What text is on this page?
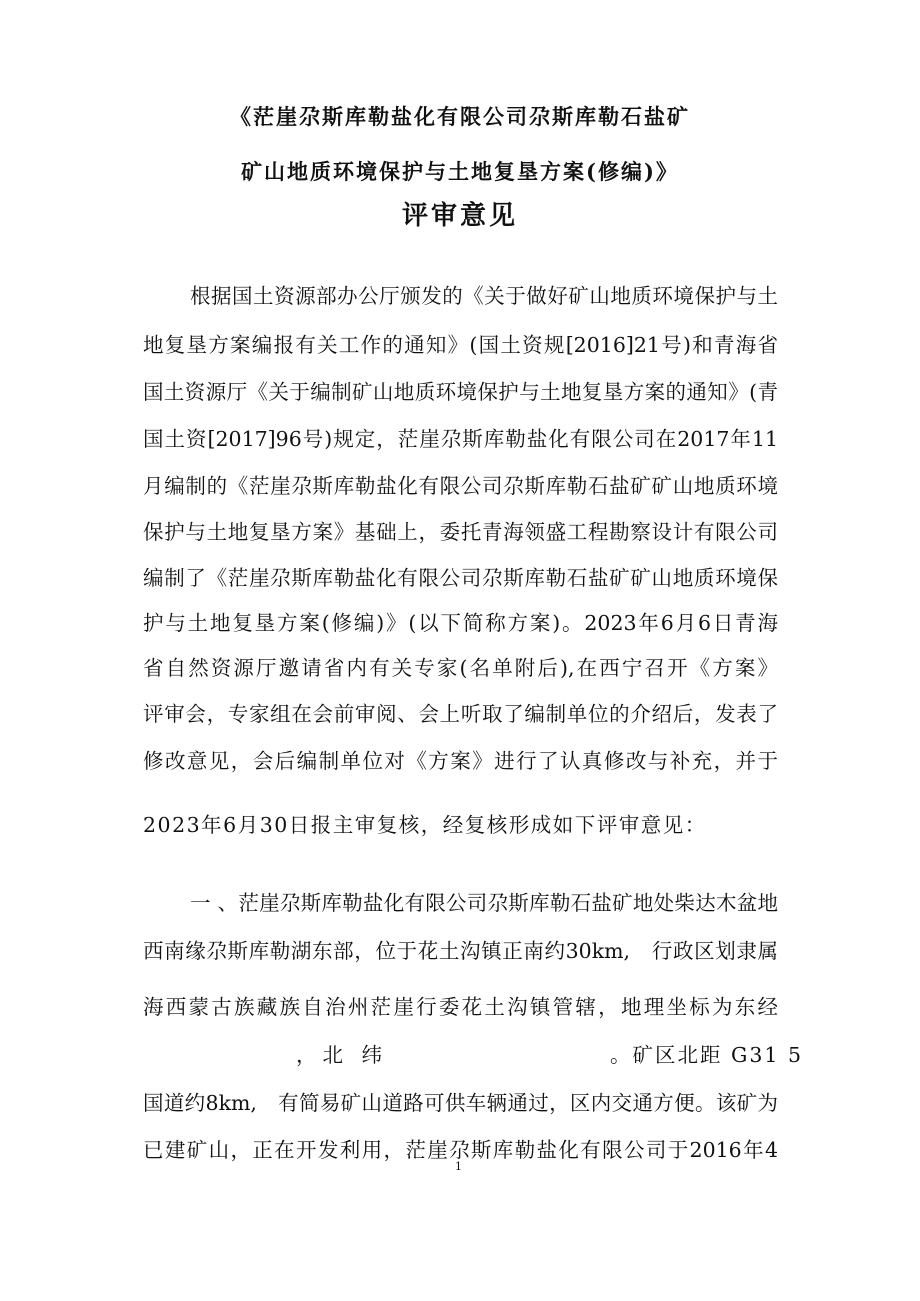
《茫崖尕斯库勒盐化有限公司尕斯库勒石盐矿
矿山地质环境保护与土地复垦方案(修编)》
评审意见
根据国土资源部办公厅颁发的《关于做好矿山地质环境保护与土
地复垦方案编报有关工作的通知》(国土资规[2016]21号)和青海省
国土资源厅《关于编制矿山地质环境保护与土地复垦方案的通知》(青
国土资[2017]96号)规定，茫崖尕斯库勒盐化有限公司在2017年11
月编制的《茫崖尕斯库勒盐化有限公司尕斯库勒石盐矿矿山地质环境
保护与土地复垦方案》基础上，委托青海领盛工程勘察设计有限公司
编制了《茫崖尕斯库勒盐化有限公司尕斯库勒石盐矿矿山地质环境保
护与土地复垦方案(修编)》(以下简称方案)。2023年6月6日青海
省自然资源厅邀请省内有关专家(名单附后),在西宁召开《方案》
评审会，专家组在会前审阅、会上听取了编制单位的介绍后，发表了
修改意见，会后编制单位对《方案》进行了认真修改与补充，并于
2023年6月30日报主审复核，经复核形成如下评审意见：
一 、茫崖尕斯库勒盐化有限公司尕斯库勒石盐矿地处柴达木盆地
西南缘尕斯库勒湖东部，位于花土沟镇正南约30km,　行政区划隶属
海西蒙古族藏族自治州茫崖行委花土沟镇管辖，地理坐标为东经
，北 纬	。矿区北距 G31 5
国道约8km,　有简易矿山道路可供车辆通过，区内交通方便。该矿为
已建矿山，正在开发利用，茫崖尕斯库勒盐化有限公司于2016年4
1
